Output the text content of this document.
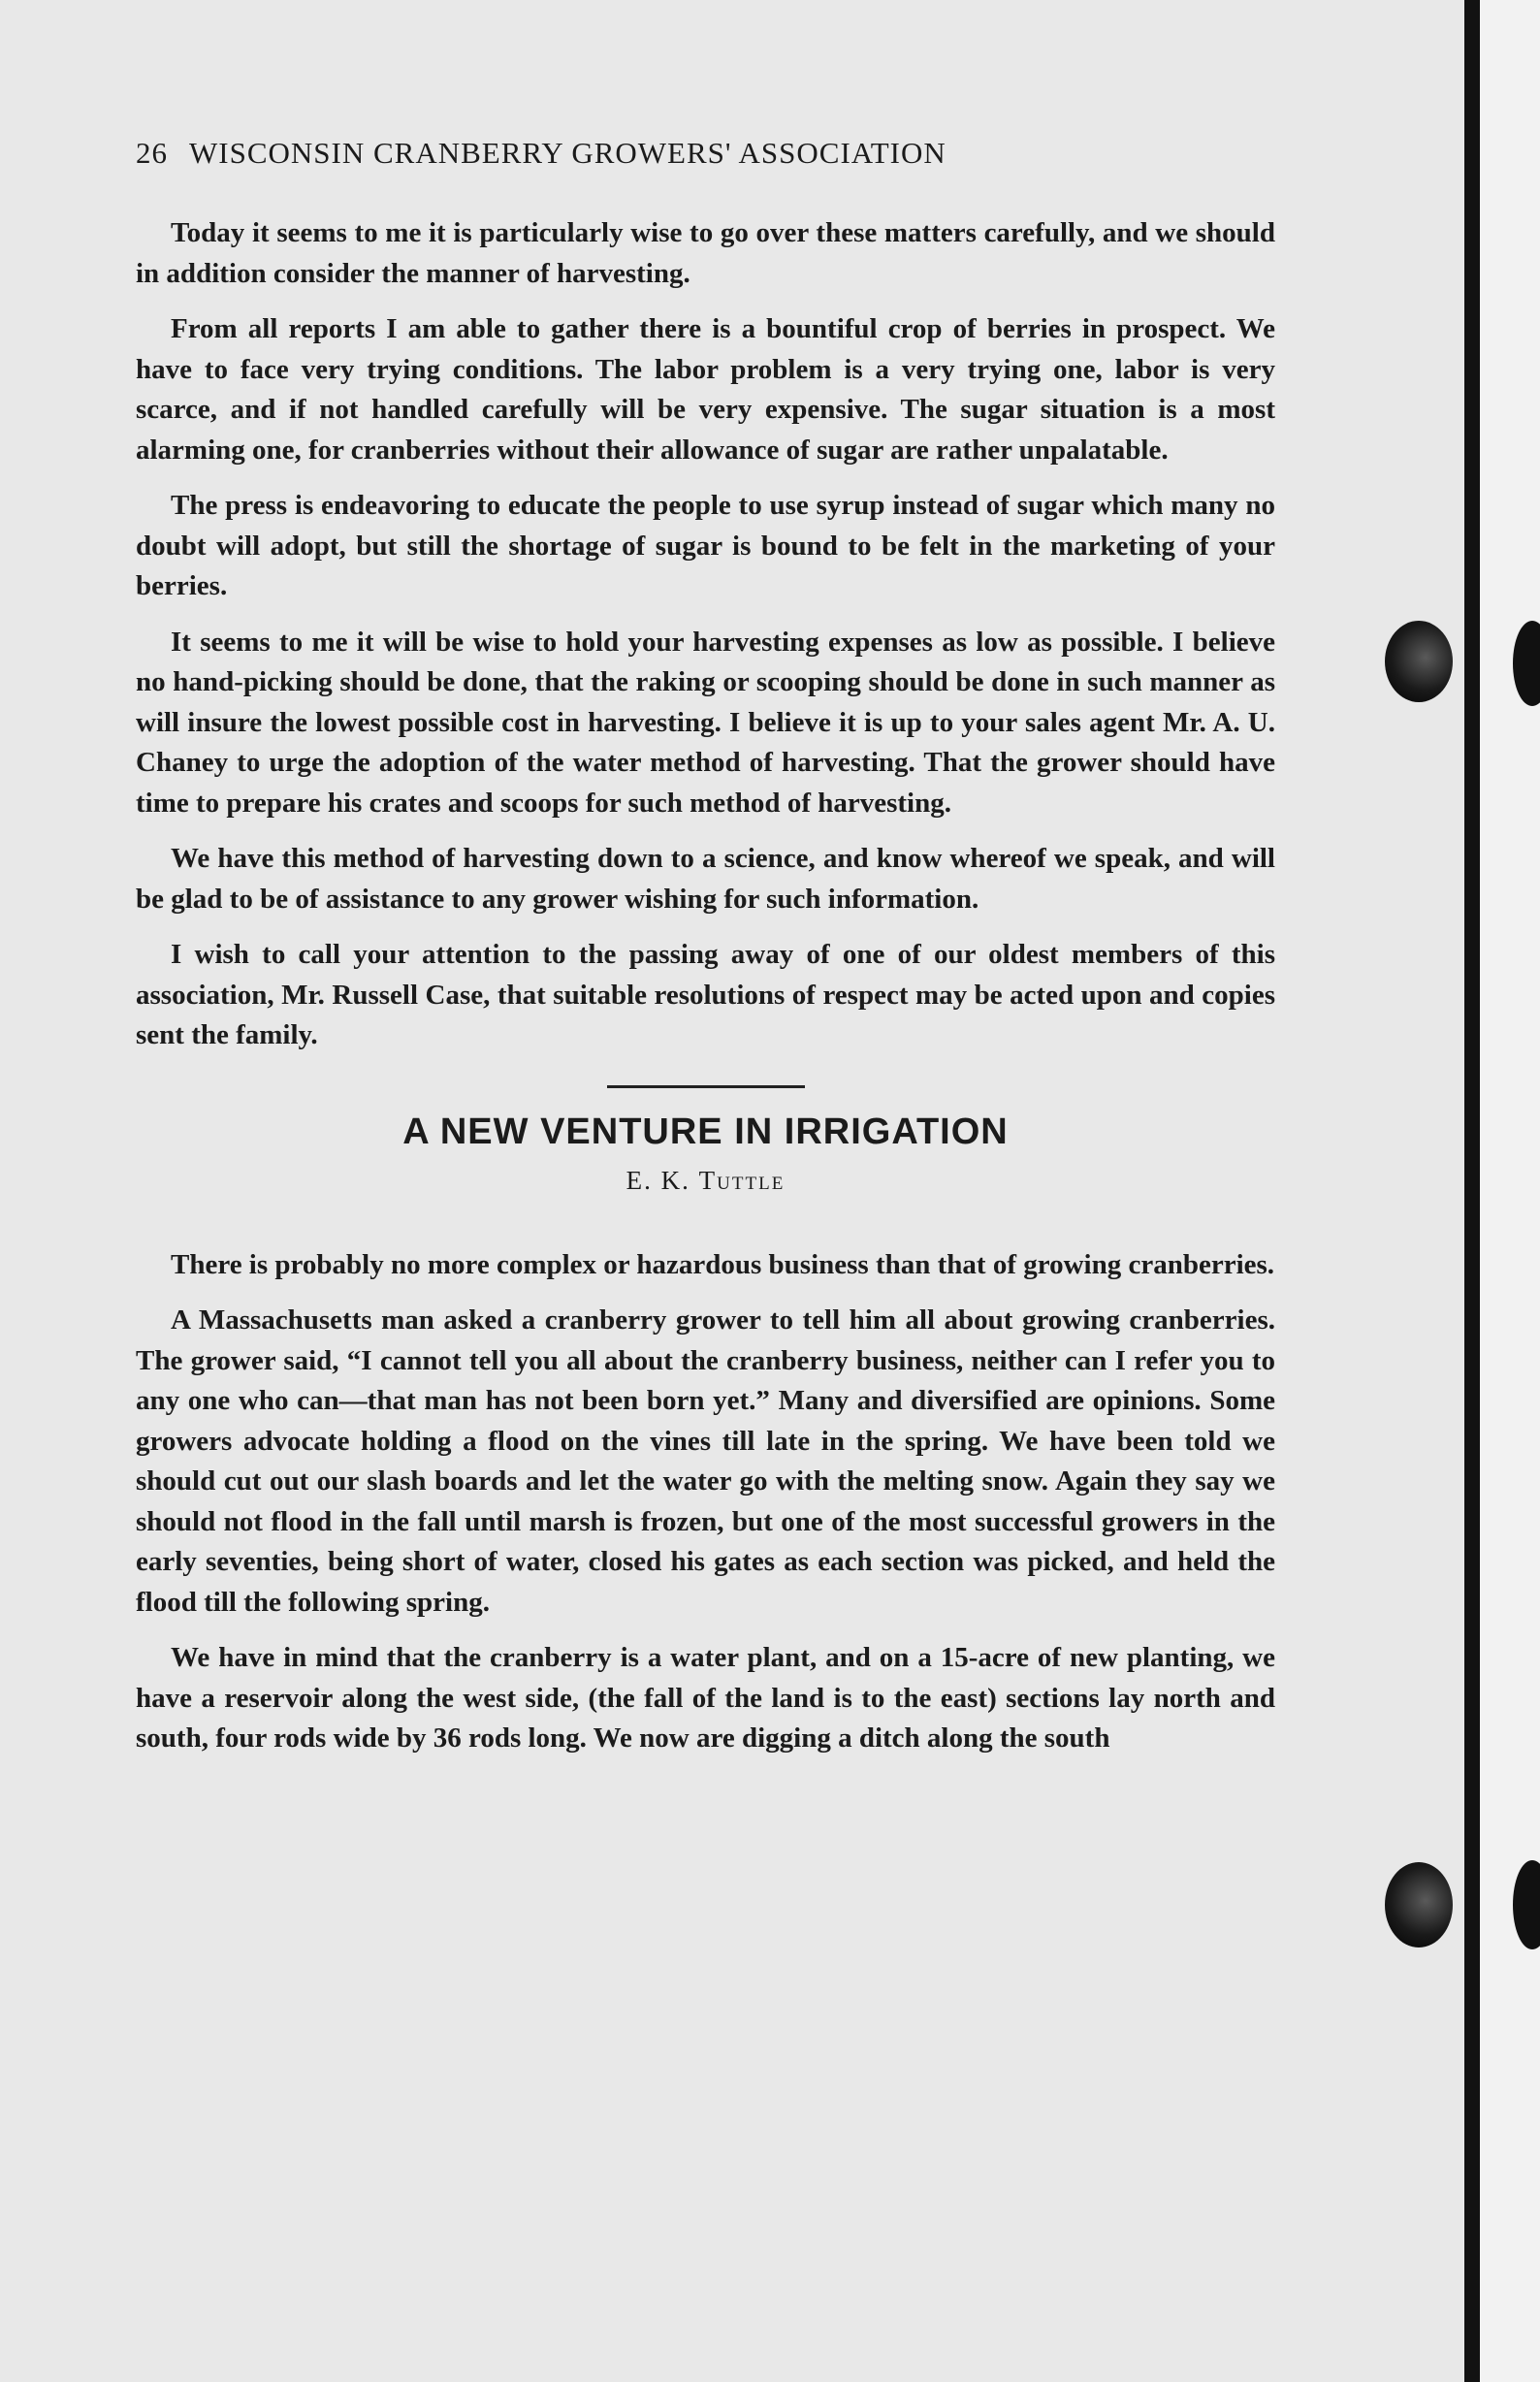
26 WISCONSIN CRANBERRY GROWERS' ASSOCIATION

Today it seems to me it is particularly wise to go over these matters carefully, and we should in addition consider the manner of harvesting.

From all reports I am able to gather there is a bountiful crop of berries in prospect. We have to face very trying conditions. The labor problem is a very trying one, labor is very scarce, and if not handled carefully will be very expensive. The sugar situation is a most alarming one, for cranberries without their allowance of sugar are rather unpalatable.

The press is endeavoring to educate the people to use syrup instead of sugar which many no doubt will adopt, but still the shortage of sugar is bound to be felt in the marketing of your berries.

It seems to me it will be wise to hold your harvesting expenses as low as possible. I believe no hand-picking should be done, that the raking or scooping should be done in such manner as will insure the lowest possible cost in harvesting. I believe it is up to your sales agent Mr. A. U. Chaney to urge the adoption of the water method of harvesting. That the grower should have time to prepare his crates and scoops for such method of harvesting.

We have this method of harvesting down to a science, and know whereof we speak, and will be glad to be of assistance to any grower wishing for such information.

I wish to call your attention to the passing away of one of our oldest members of this association, Mr. Russell Case, that suitable resolutions of respect may be acted upon and copies sent the family.

A NEW VENTURE IN IRRIGATION
E. K. Tuttle

There is probably no more complex or hazardous business than that of growing cranberries.

A Massachusetts man asked a cranberry grower to tell him all about growing cranberries. The grower said, “I cannot tell you all about the cranberry business, neither can I refer you to any one who can—that man has not been born yet.” Many and diversified are opinions. Some growers advocate holding a flood on the vines till late in the spring. We have been told we should cut out our slash boards and let the water go with the melting snow. Again they say we should not flood in the fall until marsh is frozen, but one of the most successful growers in the early seventies, being short of water, closed his gates as each section was picked, and held the flood till the following spring.

We have in mind that the cranberry is a water plant, and on a 15-acre of new planting, we have a reservoir along the west side, (the fall of the land is to the east) sections lay north and south, four rods wide by 36 rods long. We now are digging a ditch along the south
